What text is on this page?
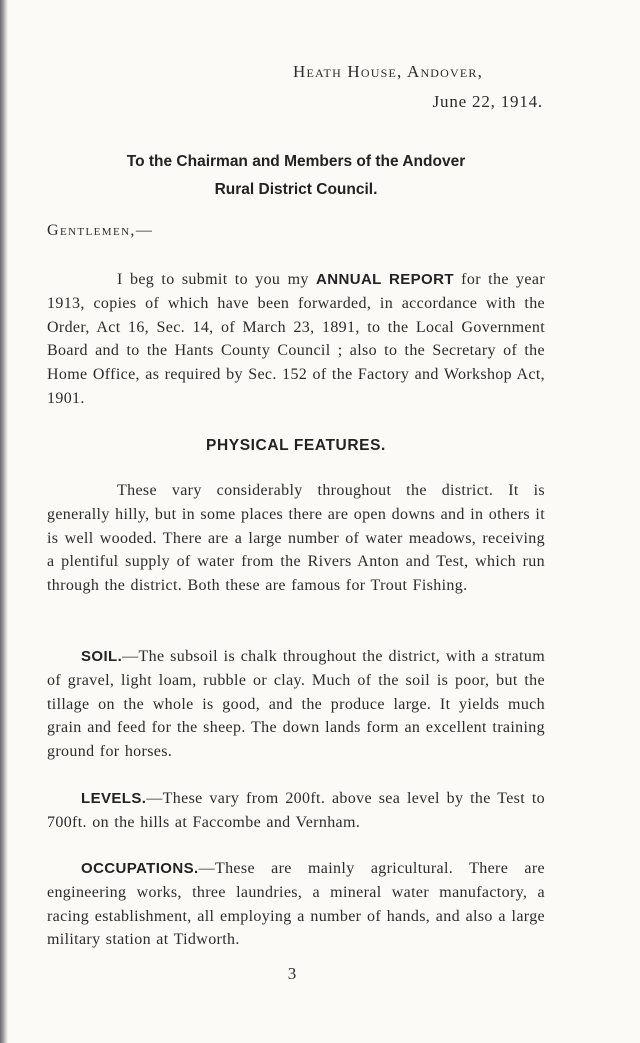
Heath House, Andover,
June 22, 1914.
To the Chairman and Members of the Andover
Rural District Council.
Gentlemen,—
I beg to submit to you my ANNUAL REPORT for the year 1913, copies of which have been forwarded, in accordance with the Order, Act 16, Sec. 14, of March 23, 1891, to the Local Government Board and to the Hants County Council ; also to the Secretary of the Home Office, as required by Sec. 152 of the Factory and Workshop Act, 1901.
PHYSICAL FEATURES.
These vary considerably throughout the district. It is generally hilly, but in some places there are open downs and in others it is well wooded. There are a large number of water meadows, receiving a plentiful supply of water from the Rivers Anton and Test, which run through the district. Both these are famous for Trout Fishing.
SOIL.—The subsoil is chalk throughout the district, with a stratum of gravel, light loam, rubble or clay. Much of the soil is poor, but the tillage on the whole is good, and the produce large. It yields much grain and feed for the sheep. The down lands form an excellent training ground for horses.
LEVELS.—These vary from 200ft. above sea level by the Test to 700ft. on the hills at Faccombe and Vernham.
OCCUPATIONS.—These are mainly agricultural. There are engineering works, three laundries, a mineral water manufactory, a racing establishment, all employing a number of hands, and also a large military station at Tidworth.
3
